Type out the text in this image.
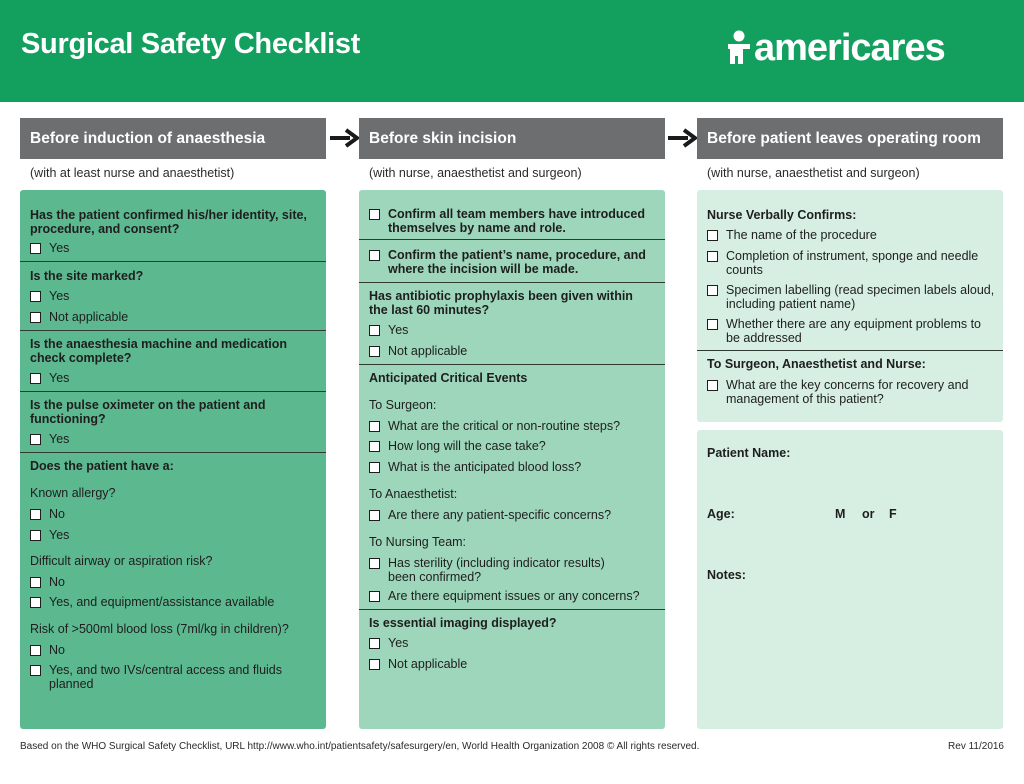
Surgical Safety Checklist	americares
Before induction of anaesthesia	Before skin incision	Before patient leaves operating room
(with at least nurse and anaesthetist)	(with nurse, anaesthetist and surgeon)	(with nurse, anaesthetist and surgeon)
Has the patient confirmed his/her identity, site, procedure, and consent?
Yes
Is the site marked?
Yes
Not applicable
Is the anaesthesia machine and medication check complete?
Yes
Is the pulse oximeter on the patient and functioning?
Yes
Does the patient have a:
Known allergy?
No
Yes
Difficult airway or aspiration risk?
No
Yes, and equipment/assistance available
Risk of >500ml blood loss (7ml/kg in children)?
No
Yes, and two IVs/central access and fluids planned
Confirm all team members have introduced themselves by name and role.
Confirm the patient’s name, procedure, and where the incision will be made.
Has antibiotic prophylaxis been given within the last 60 minutes?
Yes
Not applicable
Anticipated Critical Events
To Surgeon:
What are the critical or non-routine steps?
How long will the case take?
What is the anticipated blood loss?
To Anaesthetist:
Are there any patient-specific concerns?
To Nursing Team:
Has sterility (including indicator results) been confirmed?
Are there equipment issues or any concerns?
Is essential imaging displayed?
Yes
Not applicable
Nurse Verbally Confirms:
The name of the procedure
Completion of instrument, sponge and needle counts
Specimen labelling (read specimen labels aloud, including patient name)
Whether there are any equipment problems to be addressed
To Surgeon, Anaesthetist and Nurse:
What are the key concerns for recovery and management of this patient?
Patient Name:
Age:	M or F
Notes:
Based on the WHO Surgical Safety Checklist, URL http://www.who.int/patientsafety/safesurgery/en, World Health Organization 2008 © All rights reserved.	Rev 11/2016
